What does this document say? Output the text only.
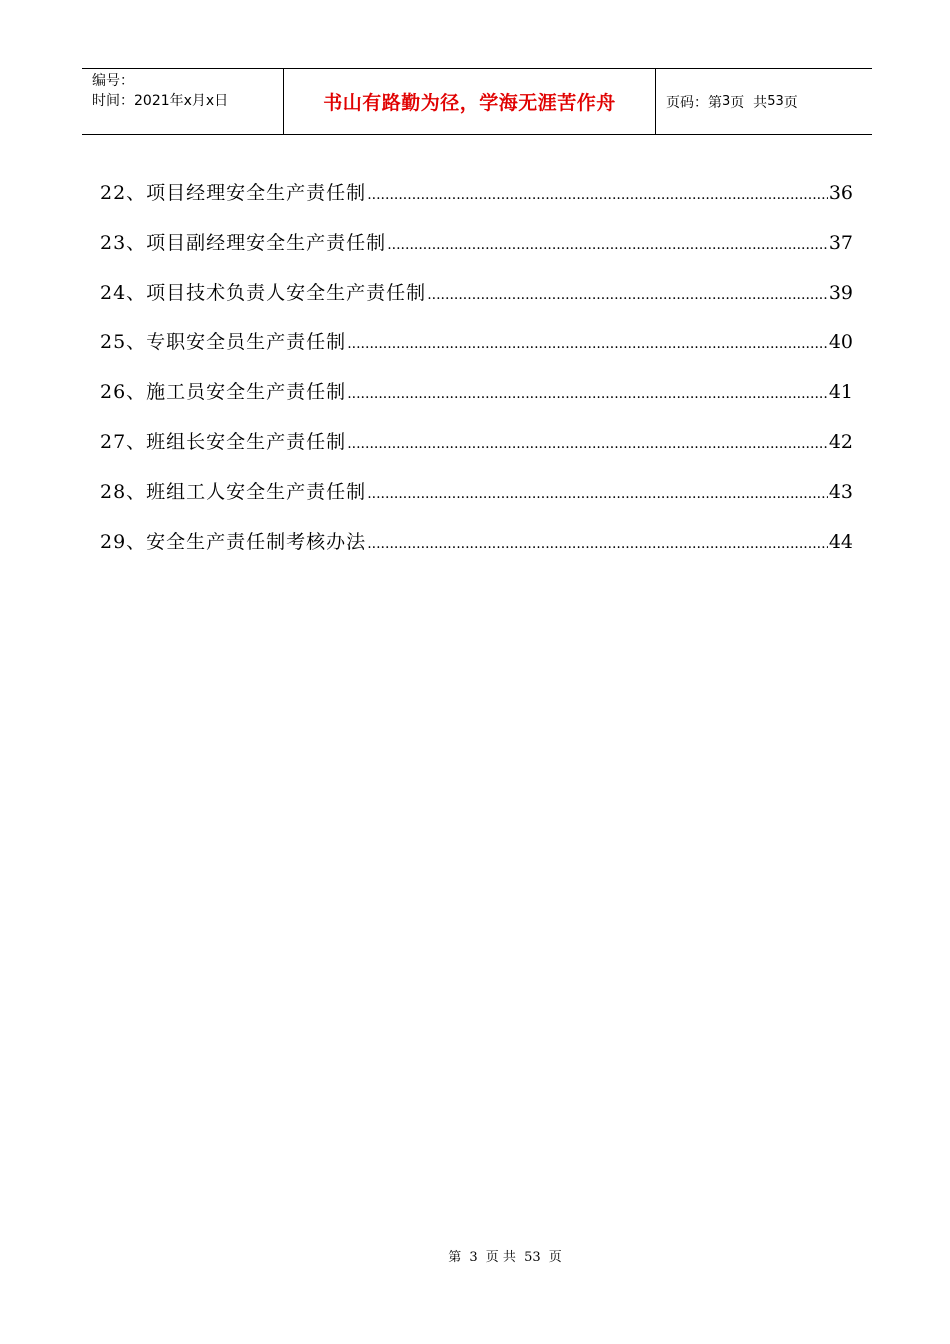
编号：
时间：2021年x月x日	书山有路勤为径，学海无涯苦作舟	页码：第 3 页  共 53 页
22、项目经理安全生产责任制 .....	36
23、项目副经理安全生产责任制 .....	37
24、项目技术负责人安全生产责任制 .....	39
25、专职安全员生产责任制 .....	40
26、施工员安全生产责任制 .....	41
27、班组长安全生产责任制 .....	42
28、班组工人安全生产责任制 .....	43
29、安全生产责任制考核办法 .....	44
第 3 页 共 53 页
